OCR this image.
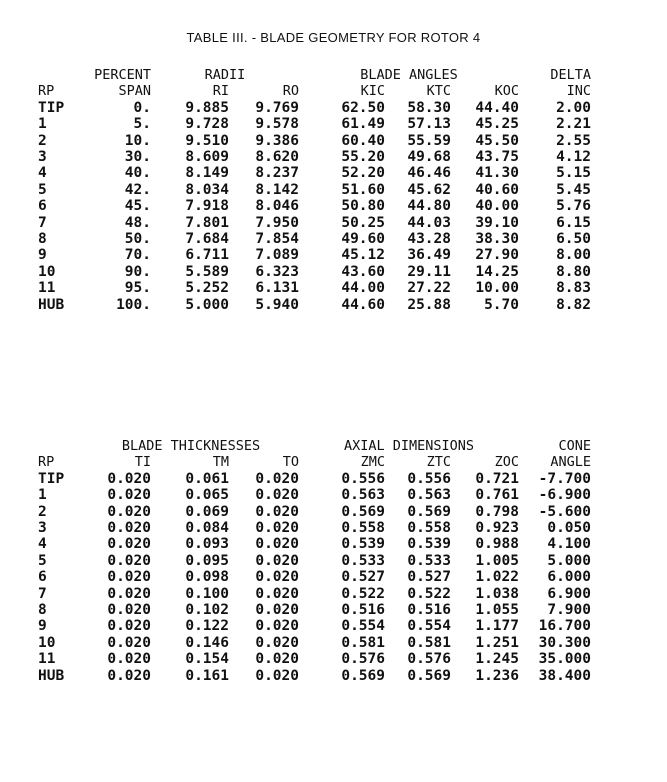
TABLE III. - BLADE GEOMETRY FOR ROTOR 4
	PERCENT	RADII		BLADE ANGLES			DELTA
RP	SPAN	RI	RO	KIC	KTC	KOC	INC
TIP	0.	9.885	9.769	62.50	58.30	44.40	2.00
1	5.	9.728	9.578	61.49	57.13	45.25	2.21
2	10.	9.510	9.386	60.40	55.59	45.50	2.55
3	30.	8.609	8.620	55.20	49.68	43.75	4.12
4	40.	8.149	8.237	52.20	46.46	41.30	5.15
5	42.	8.034	8.142	51.60	45.62	40.60	5.45
6	45.	7.918	8.046	50.80	44.80	40.00	5.76
7	48.	7.801	7.950	50.25	44.03	39.10	6.15
8	50.	7.684	7.854	49.60	43.28	38.30	6.50
9	70.	6.711	7.089	45.12	36.49	27.90	8.00
10	90.	5.589	6.323	43.60	29.11	14.25	8.80
11	95.	5.252	6.131	44.00	27.22	10.00	8.83
HUB	100.	5.000	5.940	44.60	25.88	5.70	8.82
	BLADE THICKNESSES			AXIAL DIMENSIONS			CONE
RP	TI	TM	TO	ZMC	ZTC	ZOC	ANGLE
TIP	0.020	0.061	0.020	0.556	0.556	0.721	-7.700
1	0.020	0.065	0.020	0.563	0.563	0.761	-6.900
2	0.020	0.069	0.020	0.569	0.569	0.798	-5.600
3	0.020	0.084	0.020	0.558	0.558	0.923	0.050
4	0.020	0.093	0.020	0.539	0.539	0.988	4.100
5	0.020	0.095	0.020	0.533	0.533	1.005	5.000
6	0.020	0.098	0.020	0.527	0.527	1.022	6.000
7	0.020	0.100	0.020	0.522	0.522	1.038	6.900
8	0.020	0.102	0.020	0.516	0.516	1.055	7.900
9	0.020	0.122	0.020	0.554	0.554	1.177	16.700
10	0.020	0.146	0.020	0.581	0.581	1.251	30.300
11	0.020	0.154	0.020	0.576	0.576	1.245	35.000
HUB	0.020	0.161	0.020	0.569	0.569	1.236	38.400
